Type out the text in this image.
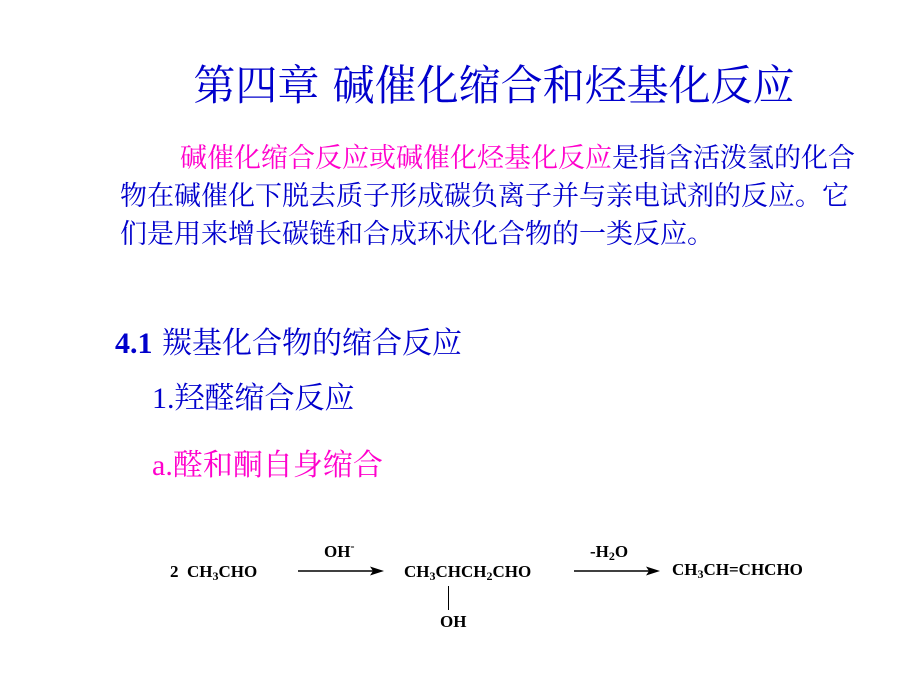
第四章 碱催化缩合和烃基化反应
碱催化缩合反应或碱催化烃基化反应是指含活泼氢的化合物在碱催化下脱去质子形成碳负离子并与亲电试剂的反应。它们是用来增长碳链和合成环状化合物的一类反应。
4.1 羰基化合物的缩合反应
1.羟醛缩合反应
a.醛和酮自身缩合
2 $CH_3CHO$
OH-
$CH_3CHCH_2CHO$
OH
$-H_2O$
$CH_3CH=CHCHO$
